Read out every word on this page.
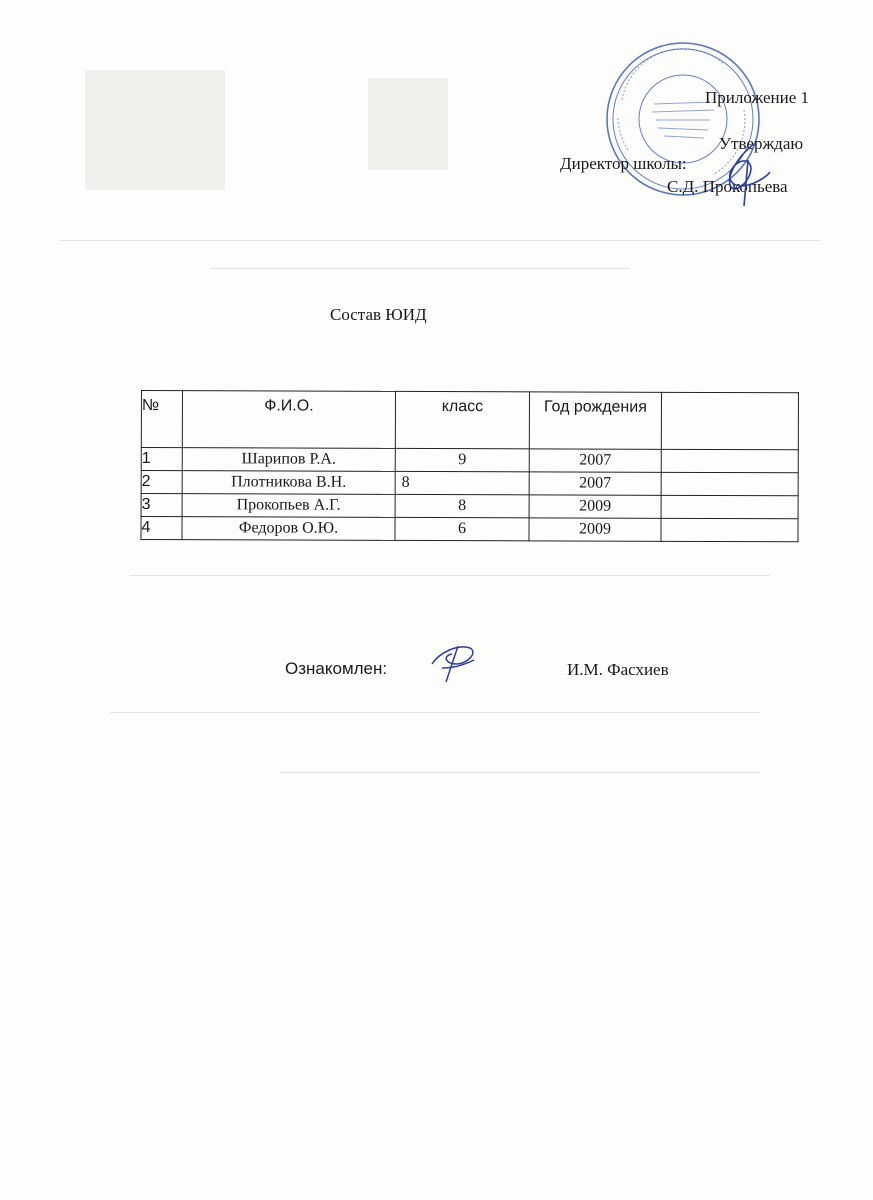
Приложение 1
Утверждаю
Директор школы:
С.Д. Прокопьева
Состав ЮИД
№	Ф.И.О.	класс	Год рождения	
1	Шарипов Р.А.	9	2007	
2	Плотникова В.Н.	8	2007	
3	Прокопьев А.Г.	8	2009	
4	Федоров О.Ю.	6	2009	
Ознакомлен:	И.М. Фасхиев
